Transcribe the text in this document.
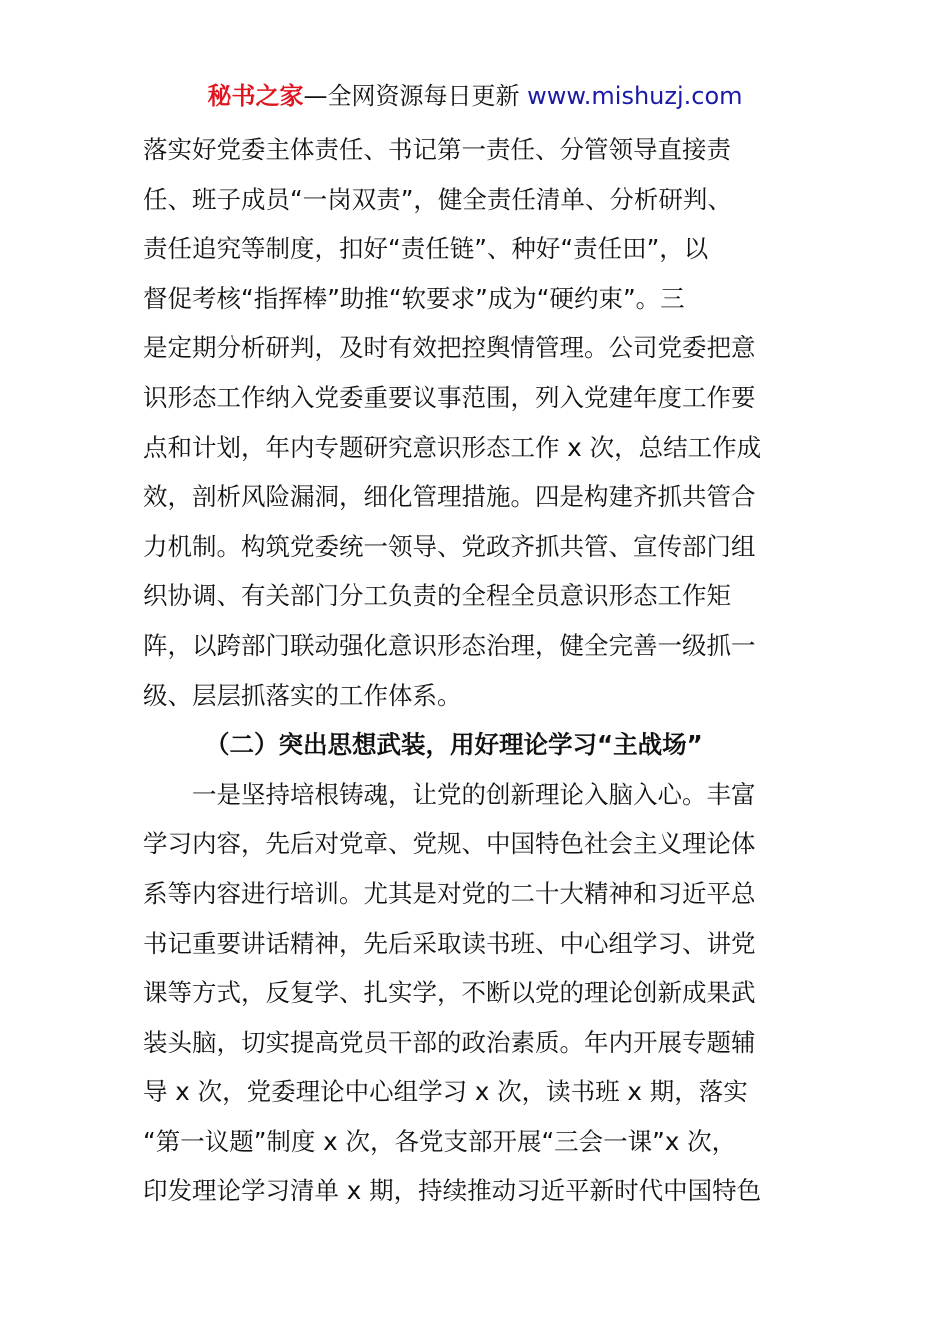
秘书之家—全网资源每日更新 www.mishuzj.com
落实好党委主体责任、书记第一责任、分管领导直接责
任、班子成员“一岗双责”，健全责任清单、分析研判、
责任追究等制度，扣好“责任链”、种好“责任田”，以
督促考核“指挥棒”助推“软要求”成为“硬约束”。三
是定期分析研判，及时有效把控舆情管理。公司党委把意
识形态工作纳入党委重要议事范围，列入党建年度工作要
点和计划，年内专题研究意识形态工作 x 次，总结工作成
效，剖析风险漏洞，细化管理措施。四是构建齐抓共管合
力机制。构筑党委统一领导、党政齐抓共管、宣传部门组
织协调、有关部门分工负责的全程全员意识形态工作矩
阵，以跨部门联动强化意识形态治理，健全完善一级抓一
级、层层抓落实的工作体系。
（二）突出思想武装，用好理论学习“主战场”
一是坚持培根铸魂，让党的创新理论入脑入心。丰富
学习内容，先后对党章、党规、中国特色社会主义理论体
系等内容进行培训。尤其是对党的二十大精神和习近平总
书记重要讲话精神，先后采取读书班、中心组学习、讲党
课等方式，反复学、扎实学，不断以党的理论创新成果武
装头脑，切实提高党员干部的政治素质。年内开展专题辅
导 x 次，党委理论中心组学习 x 次，读书班 x 期，落实
“第一议题”制度 x 次，各党支部开展“三会一课”x 次，
印发理论学习清单 x 期，持续推动习近平新时代中国特色
